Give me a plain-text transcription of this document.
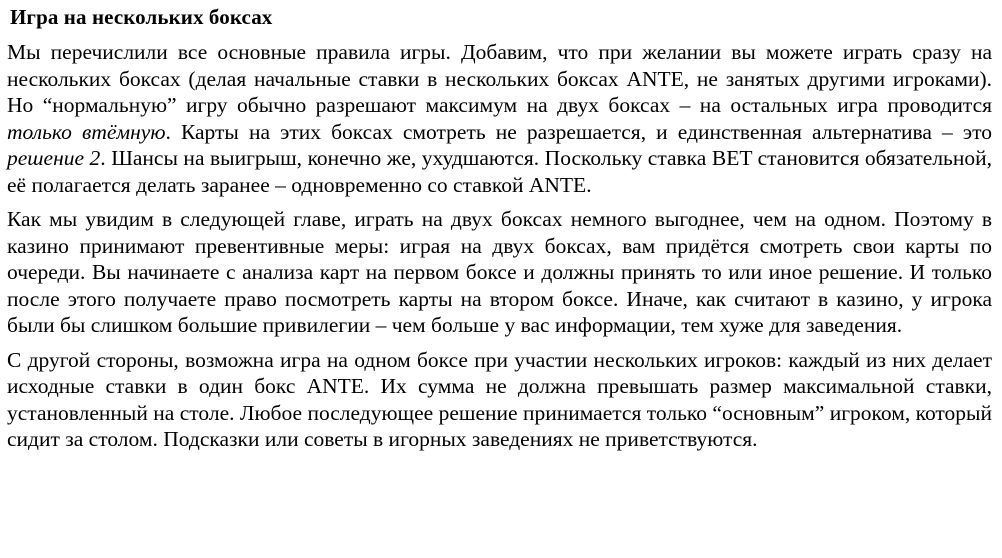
Игра на нескольких боксах

Мы перечислили все основные правила игры. Добавим, что при желании вы можете играть сразу на нескольких боксах (делая начальные ставки в нескольких боксах ANTE, не занятых другими игроками). Но “нормальную” игру обычно разрешают максимум на двух боксах – на остальных игра проводится только втёмную. Карты на этих боксах смотреть не разрешается, и единственная альтернатива – это решение 2. Шансы на выигрыш, конечно же, ухудшаются. Поскольку ставка BET становится обязательной, её полагается делать заранее – одновременно со ставкой ANTE.

Как мы увидим в следующей главе, играть на двух боксах немного выгоднее, чем на одном. Поэтому в казино принимают превентивные меры: играя на двух боксах, вам придётся смотреть свои карты по очереди. Вы начинаете с анализа карт на первом боксе и должны принять то или иное решение. И только после этого получаете право посмотреть карты на втором боксе. Иначе, как считают в казино, у игрока были бы слишком большие привилегии – чем больше у вас информации, тем хуже для заведения.

С другой стороны, возможна игра на одном боксе при участии нескольких игроков: каждый из них делает исходные ставки в один бокс ANTE. Их сумма не должна превышать размер максимальной ставки, установленный на столе. Любое последующее решение принимается только “основным” игроком, который сидит за столом. Подсказки или советы в игорных заведениях не приветствуются.
